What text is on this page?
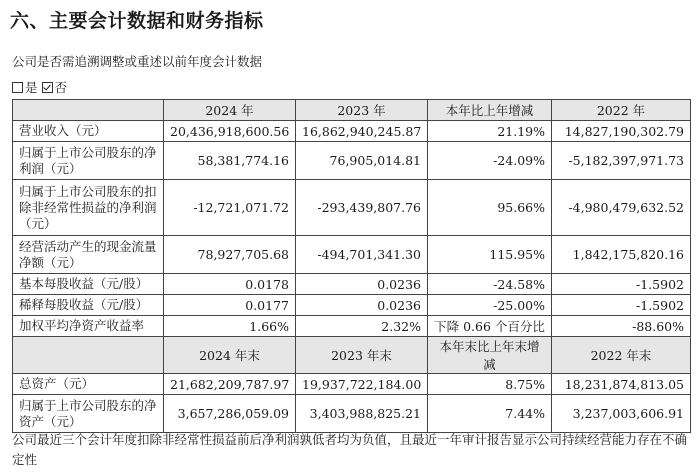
六、主要会计数据和财务指标
公司是否需追溯调整或重述以前年度会计数据
是 否
	2024 年	2023 年	本年比上年增减	2022 年
营业收入（元）	20,436,918,600.56	16,862,940,245.87	21.19%	14,827,190,302.79
归属于上市公司股东的净利润（元）	58,381,774.16	76,905,014.81	-24.09%	-5,182,397,971.73
归属于上市公司股东的扣除非经常性损益的净利润（元）	-12,721,071.72	-293,439,807.76	95.66%	-4,980,479,632.52
经营活动产生的现金流量净额（元）	78,927,705.68	-494,701,341.30	115.95%	1,842,175,820.16
基本每股收益（元/股）	0.0178	0.0236	-24.58%	-1.5902
稀释每股收益（元/股）	0.0177	0.0236	-25.00%	-1.5902
加权平均净资产收益率	1.66%	2.32%	下降 0.66 个百分比	-88.60%
	2024 年末	2023 年末	本年末比上年末增减	2022 年末
总资产（元）	21,682,209,787.97	19,937,722,184.00	8.75%	18,231,874,813.05
归属于上市公司股东的净资产（元）	3,657,286,059.09	3,403,988,825.21	7.44%	3,237,003,606.91
公司最近三个会计年度扣除非经常性损益前后净利润孰低者均为负值，且最近一年审计报告显示公司持续经营能力存在不确定性
